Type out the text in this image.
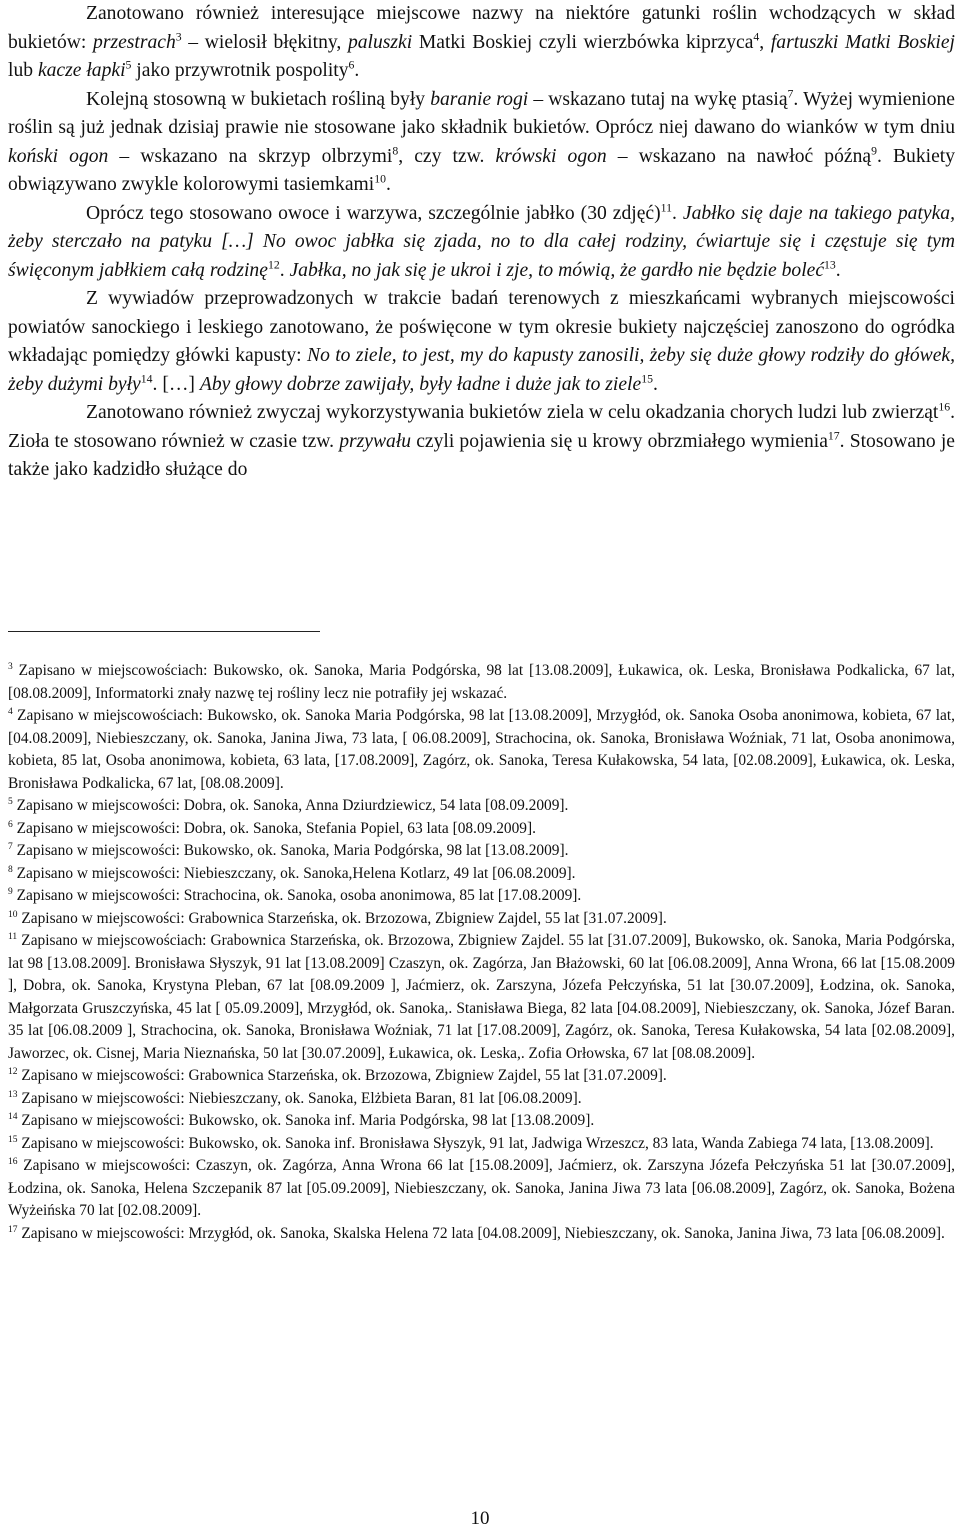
Zanotowano również interesujące miejscowe nazwy na niektóre gatunki roślin wchodzących w skład bukietów: przestrach$^3$ – wielosił błękitny, paluszki Matki Boskiej czyli wierzbówka kiprzyca$^4$, fartuszki Matki Boskiej lub kacze łapki$^5$ jako przywrotnik pospolity$^6$.

Kolejną stosowną w bukietach rośliną były baranie rogi – wskazano tutaj na wykę ptasią$^7$. Wyżej wymienione roślin są już jednak dzisiaj prawie nie stosowane jako składnik bukietów. Oprócz niej dawano do wianków w tym dniu koński ogon – wskazano na skrzyp olbrzymi$^8$, czy tzw. krówski ogon – wskazano na nawłoć późną$^9$. Bukiety obwiązywano zwykle kolorowymi tasiemkami$^{10}$.

Oprócz tego stosowano owoce i warzywa, szczególnie jabłko (30 zdjęć)$^{11}$. Jabłko się daje na takiego patyka, żeby sterczało na patyku […] No owoc jabłka się zjada, no to dla całej rodziny, ćwiartuje się i częstuje się tym święconym jabłkiem całą rodzinę$^{12}$. Jabłka, no jak się je ukroi i zje, to mówią, że gardło nie będzie boleć$^{13}$.

Z wywiadów przeprowadzonych w trakcie badań terenowych z mieszkańcami wybranych miejscowości powiatów sanockiego i leskiego zanotowano, że poświęcone w tym okresie bukiety najczęściej zanoszono do ogródka wkładając pomiędzy główki kapusty: No to ziele, to jest, my do kapusty zanosili, żeby się duże głowy rodziły do główek, żeby dużymi były$^{14}$. […] Aby głowy dobrze zawijały, były ładne i duże jak to ziele$^{15}$.

Zanotowano również zwyczaj wykorzystywania bukietów ziela w celu okadzania chorych ludzi lub zwierząt$^{16}$. Zioła te stosowano również w czasie tzw. przywału czyli pojawienia się u krowy obrzmiałego wymienia$^{17}$. Stosowano je także jako kadzidło służące do

$^3$ Zapisano w miejscowościach: Bukowsko, ok. Sanoka, Maria Podgórska, 98 lat [13.08.2009], Łukawica, ok. Leska, Bronisława Podkalicka, 67 lat, [08.08.2009], Informatorki znały nazwę tej rośliny lecz nie potrafiły jej wskazać.

$^4$ Zapisano w miejscowościach: Bukowsko, ok. Sanoka Maria Podgórska, 98 lat [13.08.2009], Mrzygłód, ok. Sanoka Osoba anonimowa, kobieta, 67 lat, [04.08.2009], Niebieszczany, ok. Sanoka, Janina Jiwa, 73 lata, [ 06.08.2009], Strachocina, ok. Sanoka, Bronisława Woźniak, 71 lat, Osoba anonimowa, kobieta, 85 lat, Osoba anonimowa, kobieta, 63 lata, [17.08.2009], Zagórz, ok. Sanoka, Teresa Kułakowska, 54 lata, [02.08.2009], Łukawica, ok. Leska, Bronisława Podkalicka, 67 lat, [08.08.2009].

$^5$ Zapisano w miejscowości: Dobra, ok. Sanoka, Anna Dziurdziewicz, 54 lata [08.09.2009].

$^6$ Zapisano w miejscowości: Dobra, ok. Sanoka, Stefania Popiel, 63 lata [08.09.2009].

$^7$ Zapisano w miejscowości: Bukowsko, ok. Sanoka, Maria Podgórska, 98 lat [13.08.2009].

$^8$ Zapisano w miejscowości: Niebieszczany, ok. Sanoka,Helena Kotlarz, 49 lat [06.08.2009].

$^9$ Zapisano w miejscowości: Strachocina, ok. Sanoka, osoba anonimowa, 85 lat [17.08.2009].

$^{10}$ Zapisano w miejscowości: Grabownica Starzeńska, ok. Brzozowa, Zbigniew Zajdel, 55 lat [31.07.2009].

$^{11}$ Zapisano w miejscowościach: Grabownica Starzeńska, ok. Brzozowa, Zbigniew Zajdel. 55 lat [31.07.2009], Bukowsko, ok. Sanoka, Maria Podgórska, lat 98 [13.08.2009]. Bronisława Słyszyk, 91 lat [13.08.2009] Czaszyn, ok. Zagórza, Jan Błażowski, 60 lat [06.08.2009], Anna Wrona, 66 lat [15.08.2009 ], Dobra, ok. Sanoka, Krystyna Pleban, 67 lat [08.09.2009 ], Jaćmierz, ok. Zarszyna, Józefa Pełczyńska, 51 lat [30.07.2009], Łodzina, ok. Sanoka, Małgorzata Gruszczyńska, 45 lat [ 05.09.2009], Mrzygłód, ok. Sanoka,. Stanisława Biega, 82 lata [04.08.2009], Niebieszczany, ok. Sanoka, Józef Baran. 35 lat [06.08.2009 ], Strachocina, ok. Sanoka, Bronisława Woźniak, 71 lat [17.08.2009], Zagórz, ok. Sanoka, Teresa Kułakowska, 54 lata [02.08.2009], Jaworzec, ok. Cisnej, Maria Nieznańska, 50 lat [30.07.2009], Łukawica, ok. Leska,. Zofia Orłowska, 67 lat [08.08.2009].

$^{12}$ Zapisano w miejscowości: Grabownica Starzeńska, ok. Brzozowa, Zbigniew Zajdel, 55 lat [31.07.2009].

$^{13}$ Zapisano w miejscowości: Niebieszczany, ok. Sanoka, Elżbieta Baran, 81 lat [06.08.2009].

$^{14}$ Zapisano w miejscowości: Bukowsko, ok. Sanoka inf. Maria Podgórska, 98 lat [13.08.2009].

$^{15}$ Zapisano w miejscowości: Bukowsko, ok. Sanoka inf. Bronisława Słyszyk, 91 lat, Jadwiga Wrzeszcz, 83 lata, Wanda Zabiega 74 lata, [13.08.2009].

$^{16}$ Zapisano w miejscowości: Czaszyn, ok. Zagórza, Anna Wrona 66 lat [15.08.2009], Jaćmierz, ok. Zarszyna Józefa Pełczyńska 51 lat [30.07.2009], Łodzina, ok. Sanoka, Helena Szczepanik 87 lat [05.09.2009], Niebieszczany, ok. Sanoka, Janina Jiwa 73 lata [06.08.2009], Zagórz, ok. Sanoka, Bożena Wyżeińska 70 lat [02.08.2009].

$^{17}$ Zapisano w miejscowości: Mrzygłód, ok. Sanoka, Skalska Helena 72 lata [04.08.2009], Niebieszczany, ok. Sanoka, Janina Jiwa, 73 lata [06.08.2009].

10
